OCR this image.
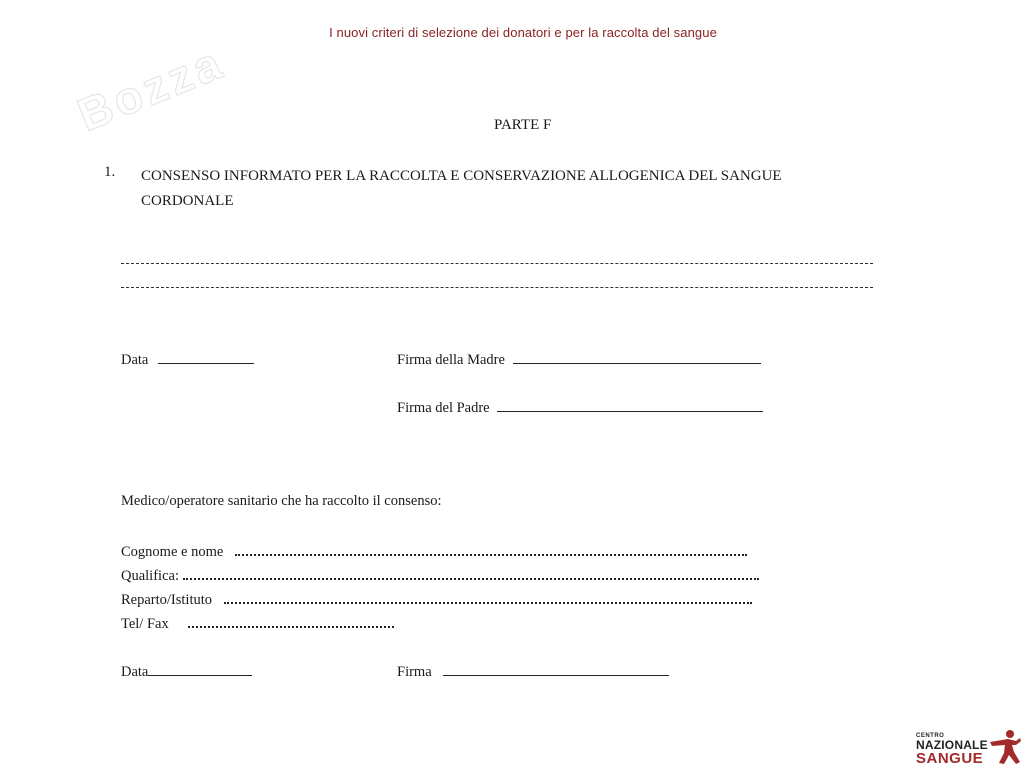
I nuovi criteri di selezione dei donatori e per la raccolta del sangue
Bozza	PARTE F
1. CONSENSO INFORMATO PER LA RACCOLTA E CONSERVAZIONE ALLOGENICA DEL SANGUE CORDONALE
Data	Firma della Madre
Firma del Padre
Medico/operatore sanitario che ha raccolto il consenso:
Cognome e nome
Qualifica:
Reparto/Istituto
Tel/ Fax
Data	Firma
CENTRO
NAZIONALE
SANGUE
